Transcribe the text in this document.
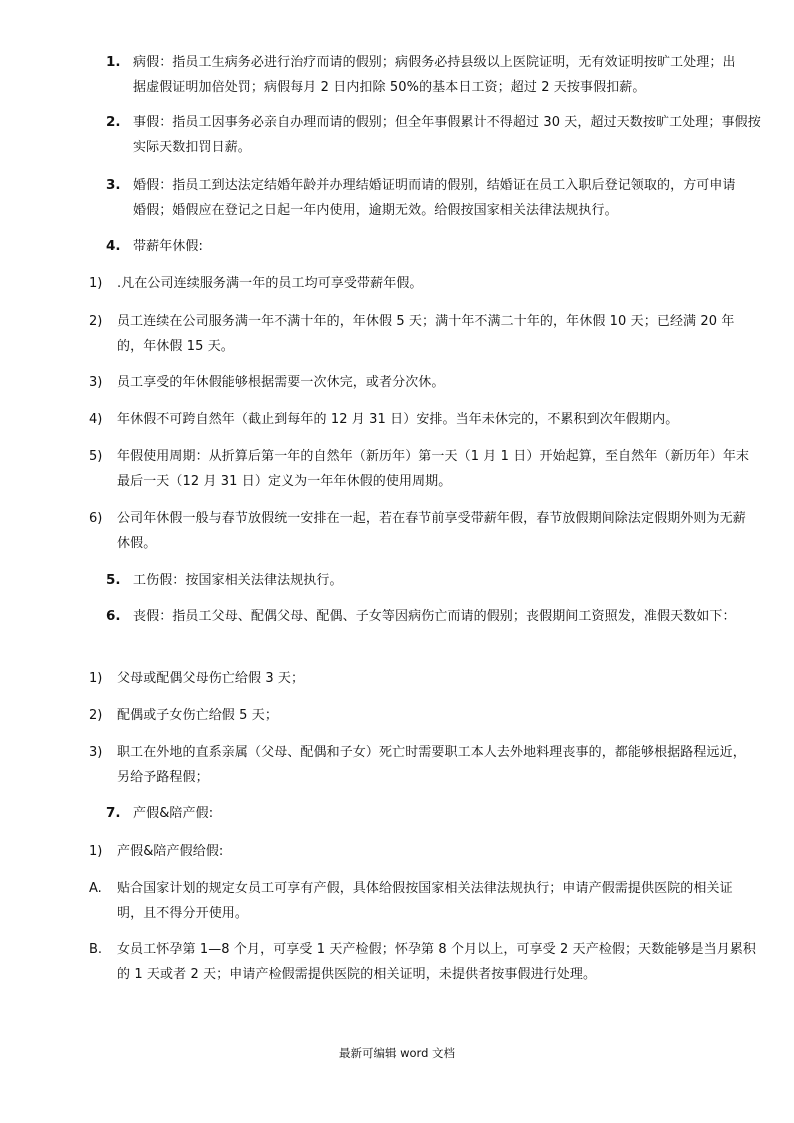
1. 病假：指员工生病务必进行治疗而请的假别；病假务必持县级以上医院证明，无有效证明按旷工处理；出据虚假证明加倍处罚；病假每月 2 日内扣除 50%的基本日工资；超过 2 天按事假扣薪。
2. 事假：指员工因事务必亲自办理而请的假别；但全年事假累计不得超过 30 天，超过天数按旷工处理；事假按实际天数扣罚日薪。
3. 婚假：指员工到达法定结婚年龄并办理结婚证明而请的假别，结婚证在员工入职后登记领取的，方可申请婚假；婚假应在登记之日起一年内使用，逾期无效。给假按国家相关法律法规执行。
4. 带薪年休假:
1) .凡在公司连续服务满一年的员工均可享受带薪年假。
2) 员工连续在公司服务满一年不满十年的，年休假 5 天；满十年不满二十年的，年休假 10 天；已经满 20 年的，年休假 15 天。
3) 员工享受的年休假能够根据需要一次休完，或者分次休。
4) 年休假不可跨自然年（截止到每年的 12 月 31 日）安排。当年未休完的，不累积到次年假期内。
5) 年假使用周期：从折算后第一年的自然年（新历年）第一天（1 月 1 日）开始起算，至自然年（新历年）年末最后一天（12 月 31 日）定义为一年年休假的使用周期。
6) 公司年休假一般与春节放假统一安排在一起，若在春节前享受带薪年假，春节放假期间除法定假期外则为无薪休假。
5. 工伤假：按国家相关法律法规执行。
6. 丧假：指员工父母、配偶父母、配偶、子女等因病伤亡而请的假别；丧假期间工资照发，准假天数如下：
1) 父母或配偶父母伤亡给假 3 天；
2) 配偶或子女伤亡给假 5 天；
3) 职工在外地的直系亲属（父母、配偶和子女）死亡时需要职工本人去外地料理丧事的，都能够根据路程远近，另给予路程假；
7. 产假&陪产假:
1) 产假&陪产假给假:
A. 贴合国家计划的规定女员工可享有产假，具体给假按国家相关法律法规执行；申请产假需提供医院的相关证明，且不得分开使用。
B. 女员工怀孕第 1—8 个月，可享受 1 天产检假；怀孕第 8 个月以上，可享受 2 天产检假；天数能够是当月累积的 1 天或者 2 天；申请产检假需提供医院的相关证明，未提供者按事假进行处理。
最新可编辑 word 文档
